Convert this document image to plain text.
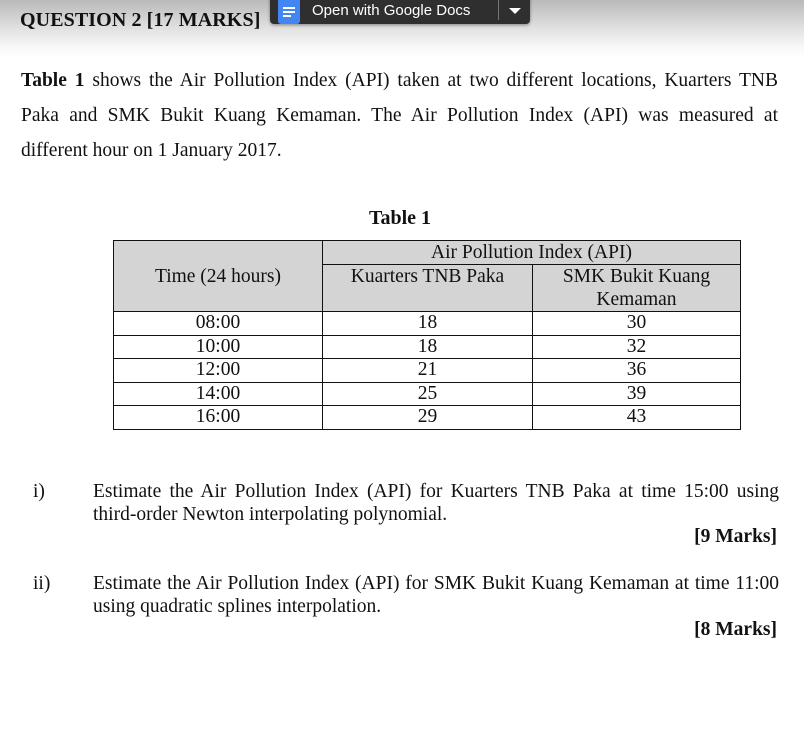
QUESTION 2 [17 MARKS]	Open with Google Docs
Table 1 shows the Air Pollution Index (API) taken at two different locations, Kuarters TNB Paka and SMK Bukit Kuang Kemaman. The Air Pollution Index (API) was measured at different hour on 1 January 2017.
Table 1
Time (24 hours)	Air Pollution Index (API)	
	Kuarters TNB Paka	SMK Bukit Kuang
Kemaman

08:00	18	30
10:00	18	32
12:00	21	36
14:00	25	39
16:00	29	43
i) Estimate the Air Pollution Index (API) for Kuarters TNB Paka at time 15:00 using third-order Newton interpolating polynomial.
[9 Marks]
ii) Estimate the Air Pollution Index (API) for SMK Bukit Kuang Kemaman at time 11:00 using quadratic splines interpolation.
[8 Marks]
